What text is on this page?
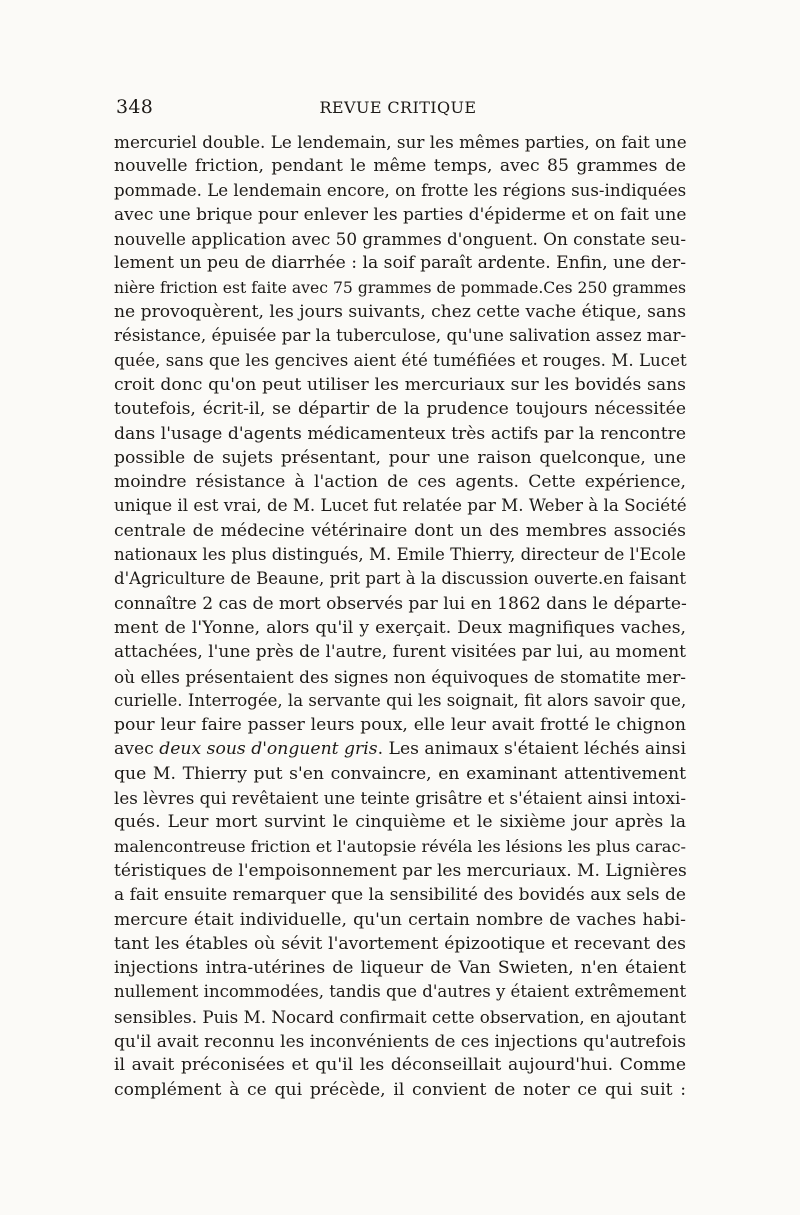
348	REVUE CRITIQUE
mercuriel double. Le lendemain, sur les mêmes parties, on fait une
nouvelle friction, pendant le même temps, avec 85 grammes de
pommade. Le lendemain encore, on frotte les régions sus-indiquées
avec une brique pour enlever les parties d'épiderme et on fait une
nouvelle application avec 50 grammes d'onguent. On constate seu-
lement un peu de diarrhée : la soif paraît ardente. Enfin, une der-
nière friction est faite avec 75 grammes de pommade.Ces 250 grammes
ne provoquèrent, les jours suivants, chez cette vache étique, sans
résistance, épuisée par la tuberculose, qu'une salivation assez mar-
quée, sans que les gencives aient été tuméfiées et rouges. M. Lucet
croit donc qu'on peut utiliser les mercuriaux sur les bovidés sans
toutefois, écrit-il, se départir de la prudence toujours nécessitée
dans l'usage d'agents médicamenteux très actifs par la rencontre
possible de sujets présentant, pour une raison quelconque, une
moindre résistance à l'action de ces agents. Cette expérience,
unique il est vrai, de M. Lucet fut relatée par M. Weber à la Société
centrale de médecine vétérinaire dont un des membres associés
nationaux les plus distingués, M. Emile Thierry, directeur de l'Ecole
d'Agriculture de Beaune, prit part à la discussion ouverte.en faisant
connaître 2 cas de mort observés par lui en 1862 dans le départe-
ment de l'Yonne, alors qu'il y exerçait. Deux magnifiques vaches,
attachées, l'une près de l'autre, furent visitées par lui, au moment
où elles présentaient des signes non équivoques de stomatite mer-
curielle. Interrogée, la servante qui les soignait, fit alors savoir que,
pour leur faire passer leurs poux, elle leur avait frotté le chignon
avec deux sous d'onguent gris. Les animaux s'étaient léchés ainsi
que M. Thierry put s'en convaincre, en examinant attentivement
les lèvres qui revêtaient une teinte grisâtre et s'étaient ainsi intoxi-
qués. Leur mort survint le cinquième et le sixième jour après la
malencontreuse friction et l'autopsie révéla les lésions les plus carac-
téristiques de l'empoisonnement par les mercuriaux. M. Lignières
a fait ensuite remarquer que la sensibilité des bovidés aux sels de
mercure était individuelle, qu'un certain nombre de vaches habi-
tant les étables où sévit l'avortement épizootique et recevant des
injections intra-utérines de liqueur de Van Swieten, n'en étaient
nullement incommodées, tandis que d'autres y étaient extrêmement
sensibles. Puis M. Nocard confirmait cette observation, en ajoutant
qu'il avait reconnu les inconvénients de ces injections qu'autrefois
il avait préconisées et qu'il les déconseillait aujourd'hui. Comme
complément à ce qui précède, il convient de noter ce qui suit :
